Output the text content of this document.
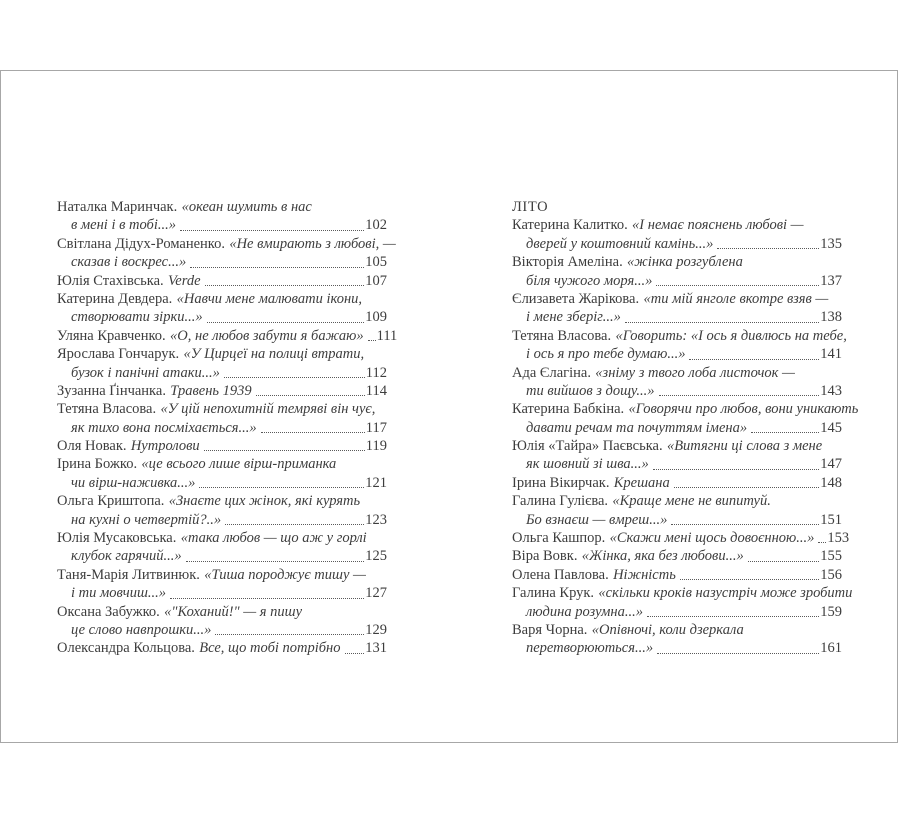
Наталка Маринчак. «океан шумить в нас
в мені і в тобі...»	102
Світлана Дідух-Романенко. «Не вмирають з любові, —
сказав і воскрес...»	105
Юлія Стахівська. Verde	107
Катерина Девдера. «Навчи мене малювати ікони,
створювати зірки...»	109
Уляна Кравченко. «О, не любов забути я бажаю» 111
Ярослава Гончарук. «У Цирцеї на полиці втрати,
бузок і панічні атаки...»	112
Зузанна Ґінчанка. Травень 1939	114
Тетяна Власова. «У цій непохитній темряві він чує,
як тихо вона посміхається...»	117
Оля Новак. Нутролови	119
Ірина Божко. «це всього лише вірш-приманка
чи вірш-наживка...»	121
Ольга Криштопа. «Знаєте цих жінок, які курять
на кухні о четвертій?..»	123
Юлія Мусаковська. «така любов — що аж у горлі
клубок гарячий...»	125
Таня-Марія Литвинюк. «Тиша породжує тишу —
і ти мовчиш...»	127
Оксана Забужко. «"Коханий!" — я пишу
це слово навпрошки...»	129
Олександра Кольцова. Все, що тобі потрібно 131
ЛІТО
Катерина Калитко. «І немає пояснень любові —
дверей у коштовний камінь...»	135
Вікторія Амеліна. «жінка розгублена
біля чужого моря...»	137
Єлизавета Жарікова. «ти мій янголе вкотре взяв —
і мене зберіг...»	138
Тетяна Власова. «Говорить: «І ось я дивлюсь на тебе,
і ось я про тебе думаю...»	141
Ада Єлагіна. «зніму з твого лоба листочок —
ти вийшов з дощу...»	143
Катерина Бабкіна. «Говорячи про любов, вони уникають
давати речам та почуттям імена»	145
Юлія «Тайра» Паєвська. «Витягни ці слова з мене
як шовний зі шва...»	147
Ірина Вікирчак. Крешана	148
Галина Гулієва. «Краще мене не випитуй.
Бо взнаєш — вмреш...»	151
Ольга Кашпор. «Скажи мені щось довоєнною...» 153
Віра Вовк. «Жінка, яка без любови...»	155
Олена Павлова. Ніжність	156
Галина Крук. «скільки кроків назустріч може зробити
людина розумна...»	159
Варя Чорна. «Опівночі, коли дзеркала
перетворюються...»	161
